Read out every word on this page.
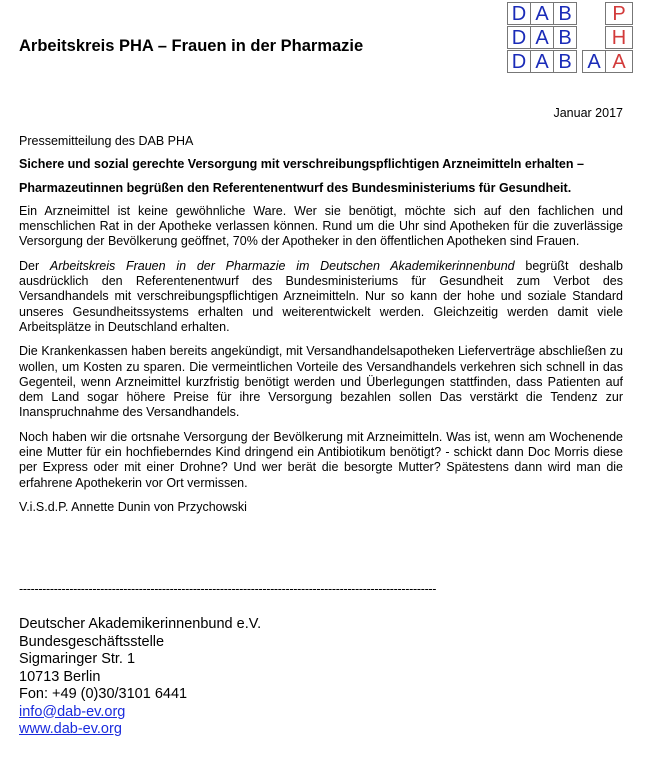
Arbeitskreis PHA – Frauen in der Pharmazie
D A B	P
D A B	H
D A B A A
Januar 2017

Pressemitteilung des DAB PHA

Sichere und sozial gerechte Versorgung mit verschreibungspflichtigen Arzneimitteln erhalten –

Pharmazeutinnen begrüßen den Referentenentwurf des Bundesministeriums für Gesundheit.

Ein Arzneimittel ist keine gewöhnliche Ware. Wer sie benötigt, möchte sich auf den fachlichen und menschlichen Rat in der Apotheke verlassen können. Rund um die Uhr sind Apotheken für die zuverlässige Versorgung der Bevölkerung geöffnet, 70% der Apotheker in den öffentlichen Apotheken sind Frauen.

Der Arbeitskreis Frauen in der Pharmazie im Deutschen Akademikerinnenbund begrüßt deshalb ausdrücklich den Referentenentwurf des Bundesministeriums für Gesundheit zum Verbot des Versandhandels mit verschreibungspflichtigen Arzneimitteln. Nur so kann der hohe und soziale Standard unseres Gesundheitssystems erhalten und weiterentwickelt werden. Gleichzeitig werden damit viele Arbeitsplätze in Deutschland erhalten.

Die Krankenkassen haben bereits angekündigt, mit Versandhandelsapotheken Lieferverträge abschließen zu wollen, um Kosten zu sparen. Die vermeintlichen Vorteile des Versandhandels verkehren sich schnell in das Gegenteil, wenn Arzneimittel kurzfristig benötigt werden und Überlegungen stattfinden, dass Patienten auf dem Land sogar höhere Preise für ihre Versorgung bezahlen sollen Das verstärkt die Tendenz zur Inanspruchnahme des Versandhandels.

Noch haben wir die ortsnahe Versorgung der Bevölkerung mit Arzneimitteln. Was ist, wenn am Wochenende eine Mutter für ein hochfieberndes Kind dringend ein Antibiotikum benötigt? - schickt dann Doc Morris diese per Express oder mit einer Drohne? Und wer berät die besorgte Mutter? Spätestens dann wird man die erfahrene Apothekerin vor Ort vermissen.

V.i.S.d.P. Annette Dunin von Przychowski

------------------------------------------------------------------------------------------------------------
Deutscher Akademikerinnenbund e.V.
Bundesgeschäftsstelle
Sigmaringer Str. 1
10713 Berlin
Fon: +49 (0)30/3101 6441
info@dab-ev.org
www.dab-ev.org
